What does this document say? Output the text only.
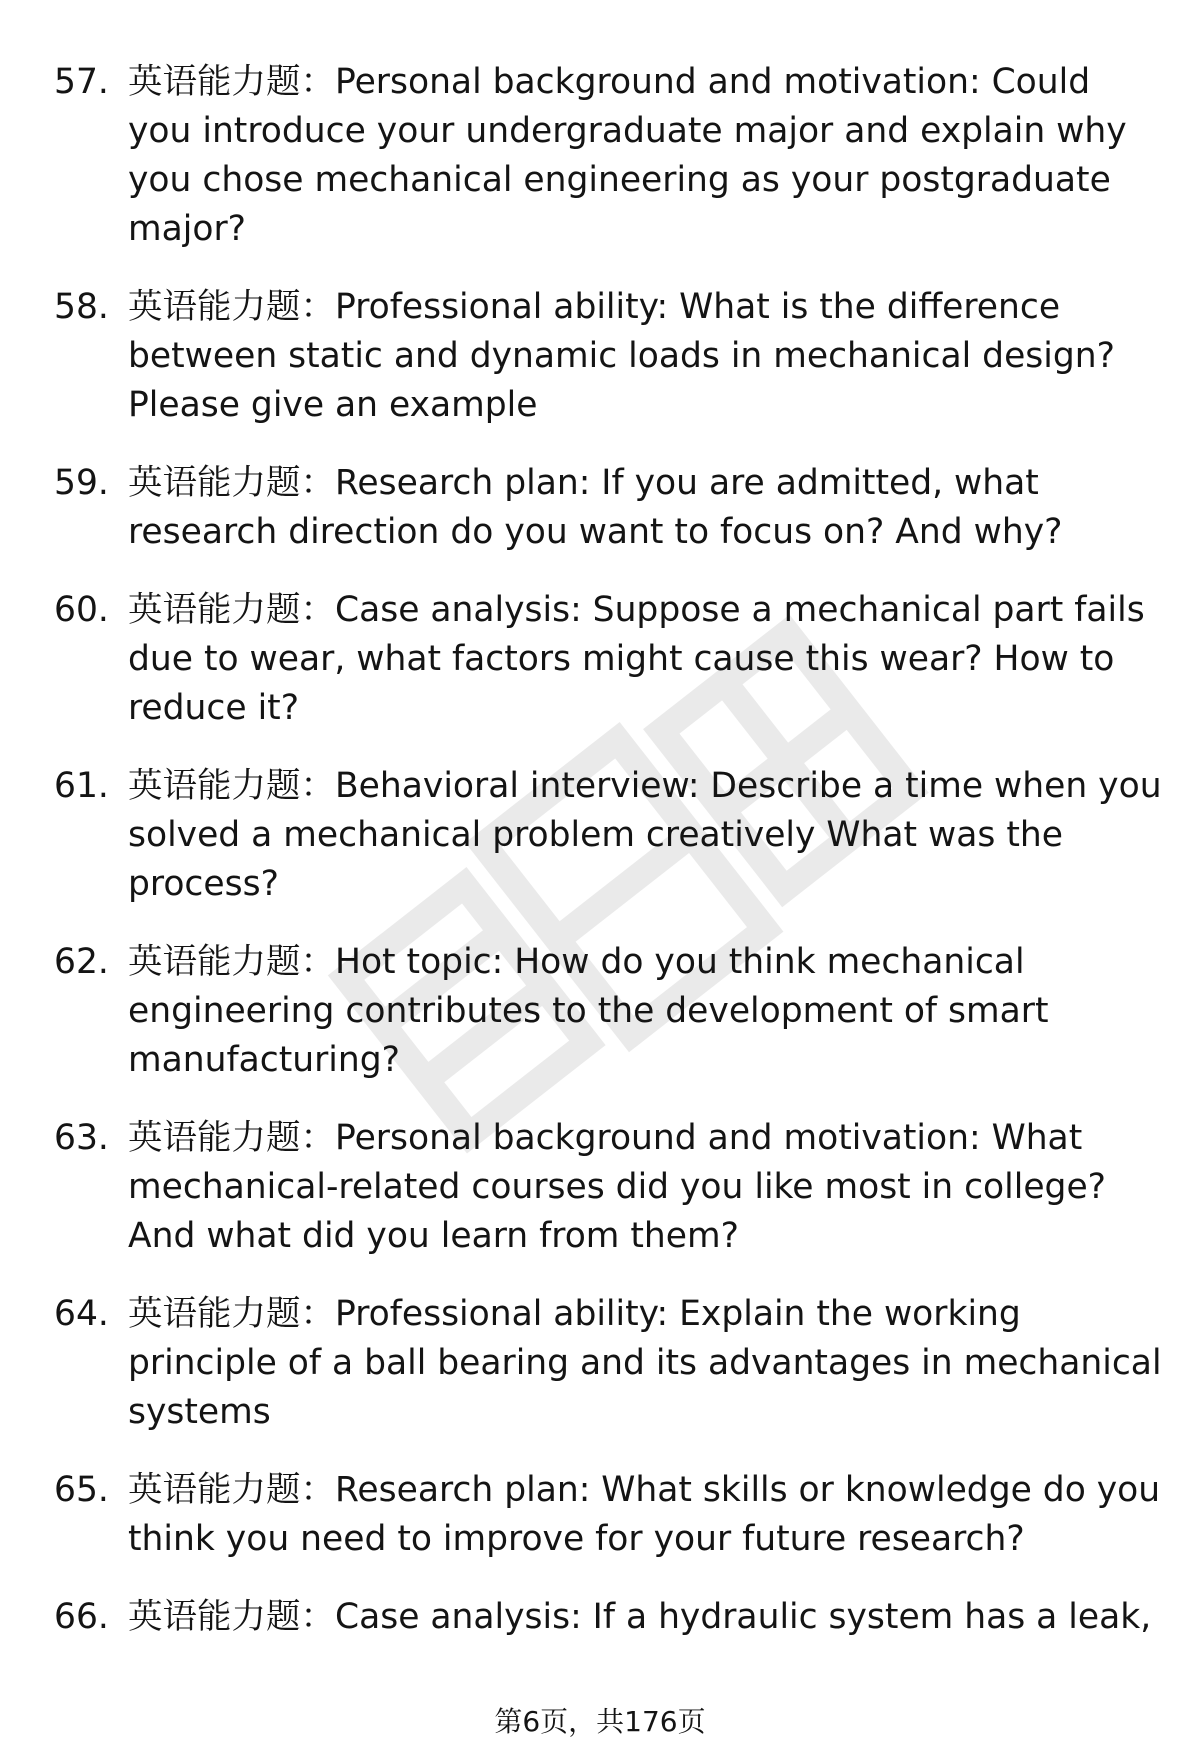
57. 英语能力题：Personal background and motivation: Could you introduce your undergraduate major and explain why you chose mechanical engineering as your postgraduate major?
58. 英语能力题：Professional ability: What is the difference between static and dynamic loads in mechanical design? Please give an example
59. 英语能力题：Research plan: If you are admitted, what research direction do you want to focus on? And why?
60. 英语能力题：Case analysis: Suppose a mechanical part fails due to wear, what factors might cause this wear? How to reduce it?
61. 英语能力题：Behavioral interview: Describe a time when you solved a mechanical problem creatively What was the process?
62. 英语能力题：Hot topic: How do you think mechanical engineering contributes to the development of smart manufacturing?
63. 英语能力题：Personal background and motivation: What mechanical-related courses did you like most in college? And what did you learn from them?
64. 英语能力题：Professional ability: Explain the working principle of a ball bearing and its advantages in mechanical systems
65. 英语能力题：Research plan: What skills or knowledge do you think you need to improve for your future research?
66. 英语能力题：Case analysis: If a hydraulic system has a leak,
第6页，共176页
